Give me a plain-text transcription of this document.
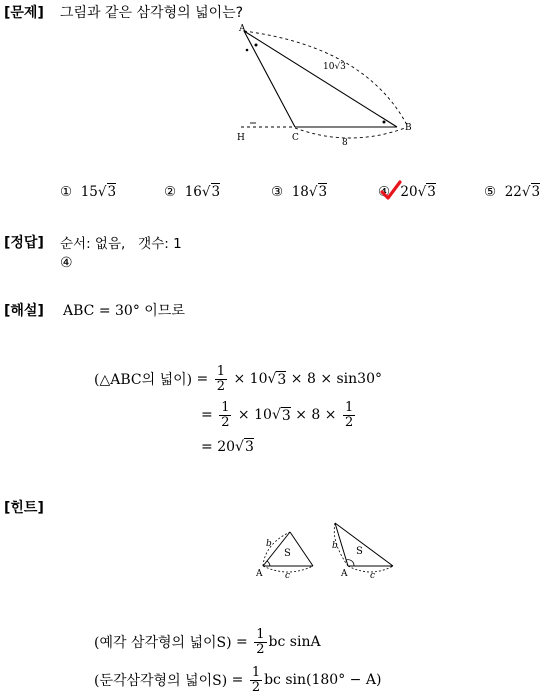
[문제] 그림과 같은 삼각형의 넓이는?
A
B
C
H
10√3
8
① 15√3	② 16√3	③ 18√3	④ 20√3	⑤ 22√3
[정답] 순서: 없음,   갯수: 1
④
[해설] ABC = 30° 이므로
(△ABC의 넓이) = $\frac{1}{2} \times 10$ √ 3
× 8 × sin30°
= $\frac{1}{2} \times 10$ √ 3
× 8 ×
$\frac{1}{2}$
= 20√3
[힌트]
b
S
A	c
b S
A	c
(예각 삼각형의 넓이$S) = \frac{1}{2}$ bc sinA
(둔각삼각형의 넓이$S) = \frac{1}{2}$ bc sin(180° − A)
